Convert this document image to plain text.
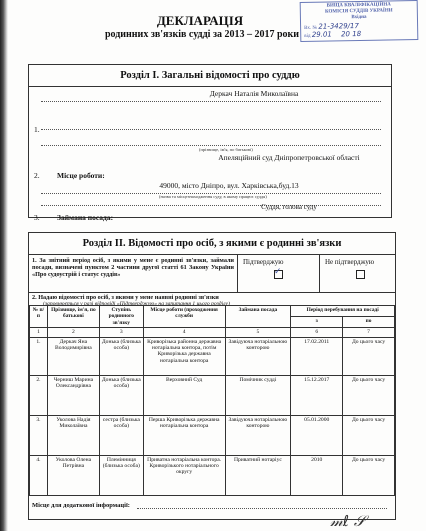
ВИЩА КВАЛІФІКАЦІЙНА
КОМІСІЯ СУДДІВ УКРАЇНИ
Вхідна
Вх. № 21-3429/17
від 29.01 20 18
ДЕКЛАРАЦІЯ
родинних зв'язків судді за 2013 – 2017 роки
Розділ І. Загальні відомості про суддю
1.
Деркач Наталія Миколаївна
(прізвище, ім'я, по батькові)
2. Місце роботи:
Апеляційний суд Дніпропетровської області
49000, місто Дніпро, вул. Харківська,буд.13
(назва та місцезнаходження суду, в якому працює суддя)
Суддя, голова суду
3. Займана посада:
Розділ ІІ. Відомості про осіб, з якими є родинні зв'язки
1. За звітний період осіб, з якими у мене є родинні зв'язки, займали посади, визначені пунктом 2 частини другої статті 61 Закону України «Про судоустрій і статус суддів»
Підтверджую	Не підтверджую
✓
2. Надаю відомості про осіб, з якими у мене наявні родинні зв'язки
(заповнюється у разі відповіді «Підтверджую» на запитання 1 цього розділу)
Місце для додаткової інформації:
№ п/п	Прізвище, ім'я, по батькові	Ступінь родинного зв'язку	Місце роботи (проходження служби	Займана посада	Період перебування на посаді	
					з	по
1	2	3	4	5	6	7
1.	Деркач Яна Володимирівна	Донька (близька особа)	Криворізька районна державна нотаріальна контора, потім Криворізька державна нотаріальна контора	Завідуюча нотаріальною конторою	17.02.2011	До цього часу
2.	Черниш Марина Олександрівна	Донька (близька особа)	Верховний Суд	Помічник судді	15.12.2017	До цього часу
3.	Уколова Надія Миколаївна	сестра (близька особа)	Перша Криворізька державна нотаріальна контора	Завідуюча нотаріальною конторою	05.01.2000	До цього часу
4.	Уколова Олена Петрівна	Племінниця (близька особа)	Приватна нотаріальна контора. Криворізького нотаріального округу	Приватний нотаріус	2010	До цього часу
𝓂ℓ 𝒮
